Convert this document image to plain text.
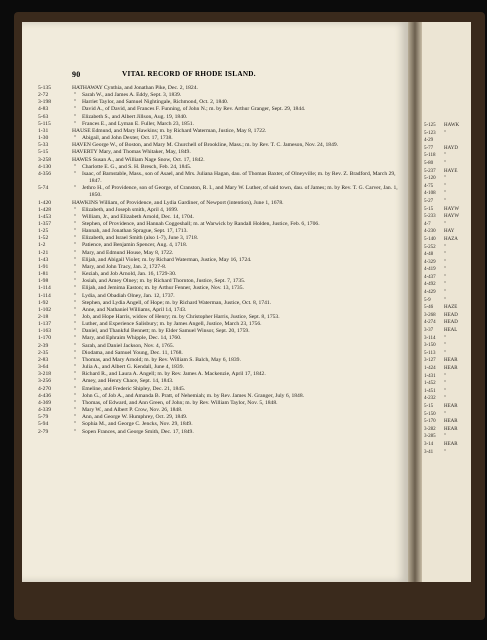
90	VITAL RECORD OF RHODE ISLAND.
5-135	HATHAWAY Cynthia, and Jonathan Pike, Dec. 2, 1824.
2-72	"	Sarah W., and James A. Eddy, Sept. 3, 1839.
3-198	"	Harriet Taylor, and Samuel Nightingale, Richmond, Oct. 2, 1840.
4-83	"	David A., of David, and Frances F. Funning, of John N.; m. by Rev. Arthur Granger, Sept. 29, 1844.
5-63	"	Elizabeth S., and Albert Jillson, Aug. 19, 1840.
5-115	"	Frances E., and Lyman E. Fuller, March 23, 1851.
1-31	HAUSE Edmund, and Mary Hawkins; m. by Richard Waterman, Justice, May 8, 1722.
1-30	"	Abigail, and John Dexter, Oct. 17, 1738.
5-33	HAVEN George W., of Boston, and Mary M. Churchell of Brookline, Mass.; m. by Rev. T. C. Jameson, Nov. 24, 1849.
5-15	HAVERTY Mary, and Thomas Whitaker, May, 1849.
3-258	HAWES Susan A., and William Nage Snow, Oct. 17, 1842.
4-130	"	Charlotte E. G., and S. H. Bresch, Feb. 24, 1845.
4-356	"	Isaac, of Barnstable, Mass., son of Asael, and Mrs. Juliana Hagan, dau. of Thomas Baxter, of Olneyville; m. by Rev. Z. Bradford, March 29, 1847.
5-74	"	Jethro H., of Providence, son of George, of Cranston, R. I., and Mary W. Luther, of said town, dau. of James; m. by Rev. T. G. Carver, Jan. 1, 1850.
1-420	HAWKINS William, of Providence, and Lydia Gardiner, of Newport (intention), June 1, 1678.
1-428	"	Elizabeth, and Joseph smith, April 4, 1699.
1-453	"	William, Jr., and Elizabeth Arnold, Dec. 14, 1704.
1-357	"	Stephen, of Providence, and Hannah Coggeshall; m. at Warwick by Randall Holden, Justice, Feb. 6, 1706.
1-25	"	Hannah, and Jonathan Sprague, Sept. 17, 1713.
1-52	"	Elizabeth, and Israel Smith (also 1-7), June 3, 1718.
1-2	"	Patience, and Benjamin Spencer, Aug. 4, 1718.
1-21	"	Mary, and Edmund House, May 8, 1722.
1-43	"	Elijah, and Abigail Violet; m. by Richard Waterman, Justice, May 16, 1724.
1-91	"	Mary, and John Tracy, Jan. 2, 1727-8.
1-81	"	Keziah, and Job Arnold, Jan. 16, 1729-30.
1-98	"	Josiah, and Amey Olney; m. by Richard Thornton, Justice, Sept. 7, 1735.
1-114	"	Elijah, and Jemima Easton; m. by Arthur Fenner, Justice, Nov. 13, 1735.
1-114	"	Lydia, and Obadiah Olney, Jan. 12, 1737.
1-92	"	Stephen, and Lydia Angell, of Hope; m. by Richard Waterman, Justice, Oct. 8, 1741.
1-102	"	Anne, and Nathaniel Williams, April 14, 1743.
2-18	"	Job, and Hope Harris, widow of Henry; m. by Christopher Harris, Justice, Sept. 8, 1753.
1-137	"	Luther, and Experience Salisbury; m. by James Angell, Justice, March 23, 1756.
1-163	"	Daniel, and Thankful Bennett; m. by Elder Samuel Winsor, Sept. 20, 1759.
1-170	"	Mary, and Ephraim Whipple, Dec. 14, 1760.
2-39	"	Sarah, and Daniel Jackson, Nov. 4, 1765.
2-35	"	Diodama, and Samuel Young, Dec. 11, 1768.
2-83	"	Thomas, and Mary Arnold; m. by Rev. William S. Balch, May 6, 1839.
3-64	"	Julia A., and Albert G. Kendall, June 4, 1839.
3-218	"	Richard R., and Laura A. Angell; m. by Rev. James A. Mackenzie, April 17, 1842.
3-256	"	Amey, and Henry Chace, Sept. 14, 1843.
4-270	"	Emeline, and Frederic Shipley, Dec. 21, 1845.
4-436	"	John G., of Job A., and Amanda B. Pratt, of Nehemiah; m. by Rev. James N. Granger, July 6, 1848.
4-369	"	Thomas, of Edward, and Ann Green, of John; m. by Rev. William Taylor, Nov. 5, 1848.
4-339	"	Mary W., and Albert P. Crow, Nov. 26, 1848.
5-79	"	Ann, and George W. Humphrey, Oct. 29, 1849.
5-94	"	Sophia M., and George C. Jencks, Nov. 29, 1849.
2-79	"	Sopen Frances, and George Smith, Dec. 17, 1849.
5-125 HAWK
5-123 "
4-29
5-77 HAYD
5-118 "
5-80 "
5-237 HAYE
5-120 "
4-75 "
4-108 "
5-27 "
5-15 HAYW
5-233 HAYW
4-7	"
4-230 HAY
5-140 HAZA
5-252 "
4-48 "
4-329 "
4-419 "
4-437 "
4-492 "
4-429 "
5-9	"
5-46 HAZE
3-268 HEAD
4-274 HEAD
3-37 HEAL
3-114 "
3-150 "
5-113 "
3-127 HEAR
1-424 HEAR
1-431 "
1-452 "
1-451 "
4-232 "
5-15 HEAR
5-150 "
5-170 HEAR
3-282 HEAR
3-285 "
3-14 HEAR
3-41 "
